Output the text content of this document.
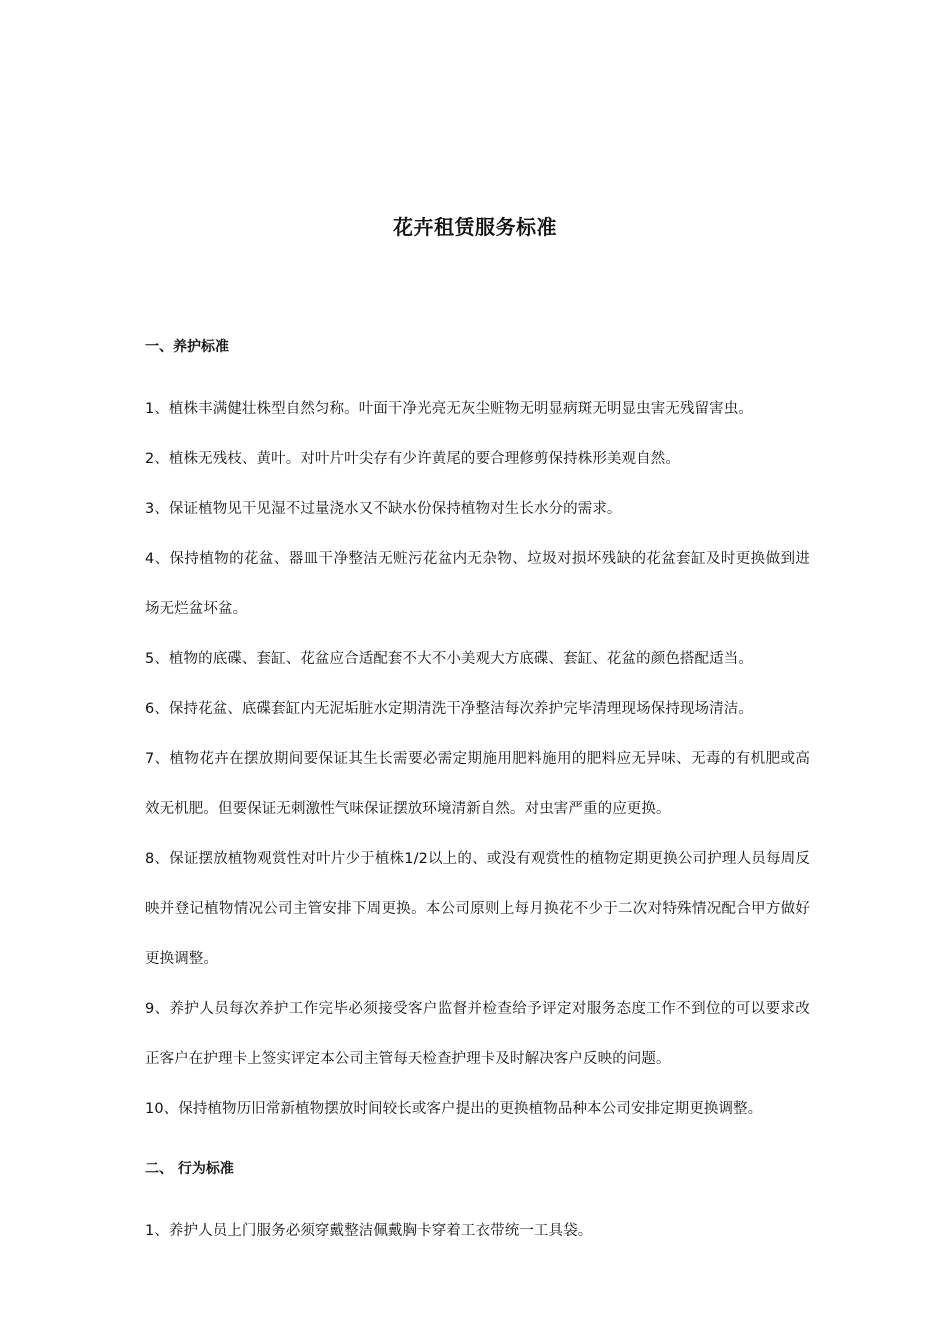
花卉租赁服务标准

一、养护标准

1、植株丰满健壮株型自然匀称。叶面干净光亮无灰尘赃物无明显病斑无明显虫害无残留害虫。

2、植株无残枝、黄叶。对叶片叶尖存有少许黄尾的要合理修剪保持株形美观自然。

3、保证植物见干见湿不过量浇水又不缺水份保持植物对生长水分的需求。

4、保持植物的花盆、器皿干净整洁无赃污花盆内无杂物、垃圾对损坏残缺的花盆套缸及时更换做到进场无烂盆坏盆。

5、植物的底碟、套缸、花盆应合适配套不大不小美观大方底碟、套缸、花盆的颜色搭配适当。

6、保持花盆、底碟套缸内无泥垢脏水定期清洗干净整洁每次养护完毕清理现场保持现场清洁。

7、植物花卉在摆放期间要保证其生长需要必需定期施用肥料施用的肥料应无异味、无毒的有机肥或高效无机肥。但要保证无刺激性气味保证摆放环境清新自然。对虫害严重的应更换。

8、保证摆放植物观赏性对叶片少于植株1/2以上的、或没有观赏性的植物定期更换公司护理人员每周反映并登记植物情况公司主管安排下周更换。本公司原则上每月换花不少于二次对特殊情况配合甲方做好更换调整。

9、养护人员每次养护工作完毕必须接受客户监督并检查给予评定对服务态度工作不到位的可以要求改正客户在护理卡上签实评定本公司主管每天检查护理卡及时解决客户反映的问题。

10、保持植物历旧常新植物摆放时间较长或客户提出的更换植物品种本公司安排定期更换调整。

二、 行为标准

1、养护人员上门服务必须穿戴整洁佩戴胸卡穿着工衣带统一工具袋。
